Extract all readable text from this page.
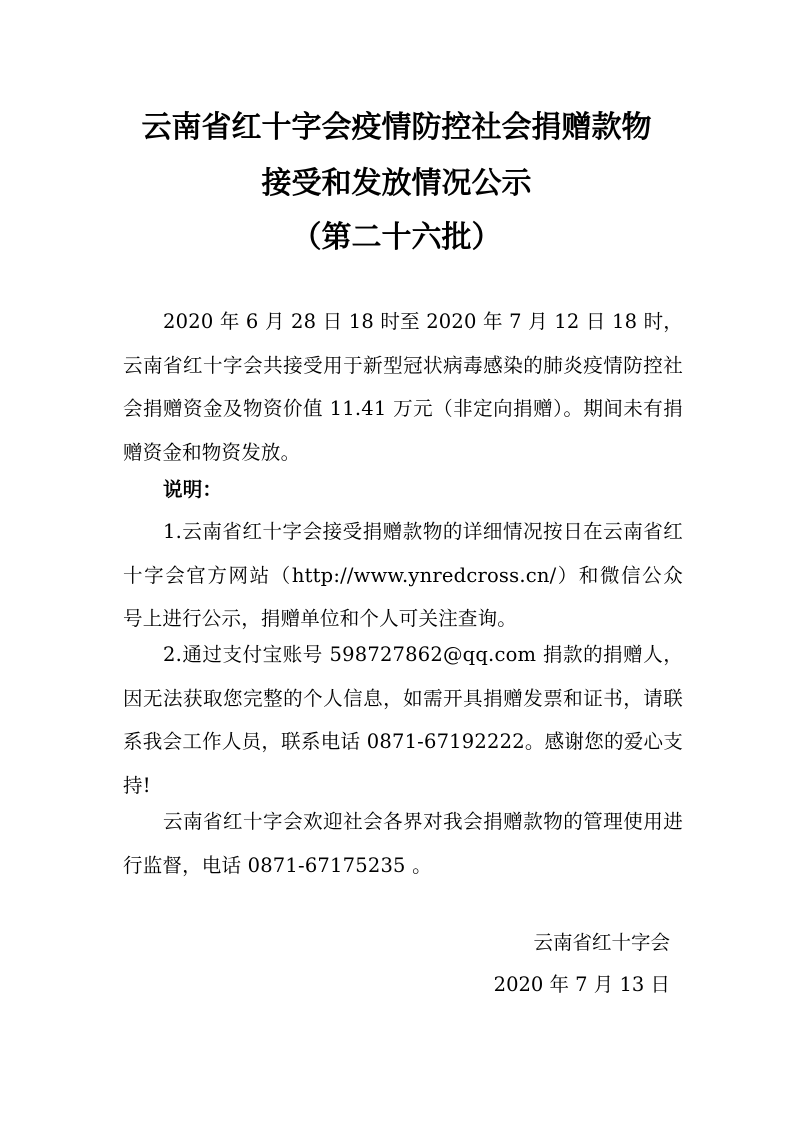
云南省红十字会疫情防控社会捐赠款物
接受和发放情况公示
（第二十六批）
2020 年 6 月 28 日 18 时至 2020 年 7 月 12 日 18 时，云南省红十字会共接受用于新型冠状病毒感染的肺炎疫情防控社会捐赠资金及物资价值 11.41 万元（非定向捐赠）。期间未有捐赠资金和物资发放。
说明：
1.云南省红十字会接受捐赠款物的详细情况按日在云南省红十字会官方网站（http://www.ynredcross.cn/）和微信公众号上进行公示，捐赠单位和个人可关注查询。
2.通过支付宝账号 598727862@qq.com 捐款的捐赠人，因无法获取您完整的个人信息，如需开具捐赠发票和证书，请联系我会工作人员，联系电话 0871-67192222。感谢您的爱心支持!
云南省红十字会欢迎社会各界对我会捐赠款物的管理使用进行监督，电话 0871-67175235 。
云南省红十字会
2020 年 7 月 13 日
